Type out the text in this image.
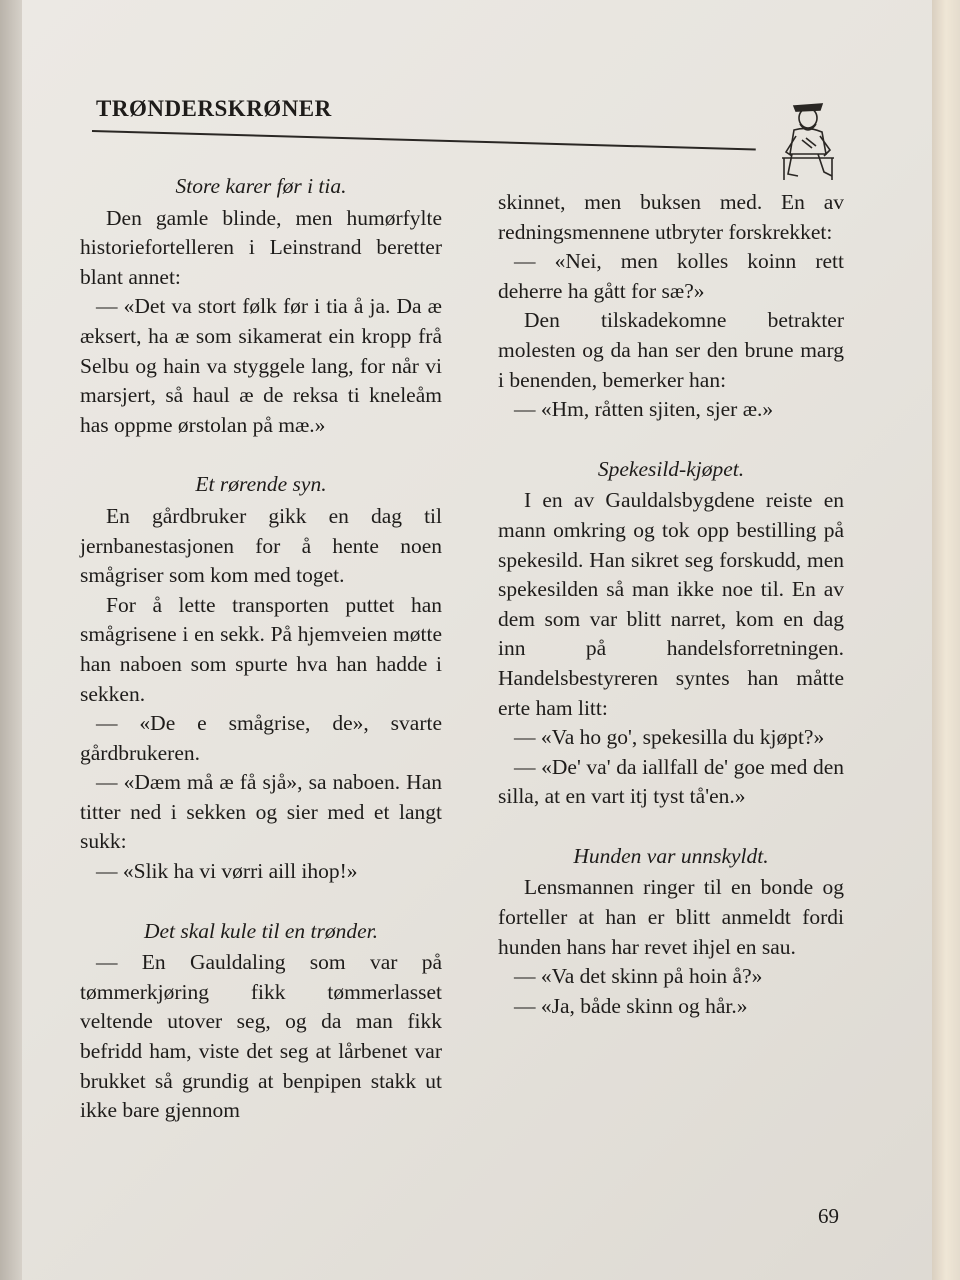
TRØNDERSKRØNER
Store karer før i tia.

Den gamle blinde, men humørfylte historiefortelleren i Leinstrand beretter blant annet:

— «Det va stort følk før i tia å ja. Da æ æksert, ha æ som sikamerat ein kropp frå Selbu og hain va styggele lang, for når vi marsjert, så haul æ de reksa ti kneleåm has oppme ørstolan på mæ.»

Et rørende syn.

En gårdbruker gikk en dag til jernbanestasjonen for å hente noen smågriser som kom med toget.

For å lette transporten puttet han smågrisene i en sekk. På hjemveien møtte han naboen som spurte hva han hadde i sekken.

— «De e smågrise, de», svarte gårdbrukeren.

— «Dæm må æ få sjå», sa naboen. Han titter ned i sekken og sier med et langt sukk:

— «Slik ha vi vørri aill ihop!»

Det skal kule til en trønder.

— En Gauldaling som var på tømmerkjøring fikk tømmerlasset veltende utover seg, og da man fikk befridd ham, viste det seg at lårbenet var brukket så grundig at benpipen stakk ut ikke bare gjennom

skinnet, men buksen med. En av redningsmennene utbryter forskrekket:

— «Nei, men kolles koinn rett deherre ha gått for sæ?»

Den tilskadekomne betrakter molesten og da han ser den brune marg i benenden, bemerker han:

— «Hm, råtten sjiten, sjer æ.»

Spekesild-kjøpet.

I en av Gauldalsbygdene reiste en mann omkring og tok opp bestilling på spekesild. Han sikret seg forskudd, men spekesilden så man ikke noe til. En av dem som var blitt narret, kom en dag inn på handelsforretningen. Handelsbestyreren syntes han måtte erte ham litt:

— «Va ho go', spekesilla du kjøpt?»

— «De' va' da iallfall de' goe med den silla, at en vart itj tyst tå'en.»

Hunden var unnskyldt.

Lensmannen ringer til en bonde og forteller at han er blitt anmeldt fordi hunden hans har revet ihjel en sau.

— «Va det skinn på hoin å?»

— «Ja, både skinn og hår.»

69
